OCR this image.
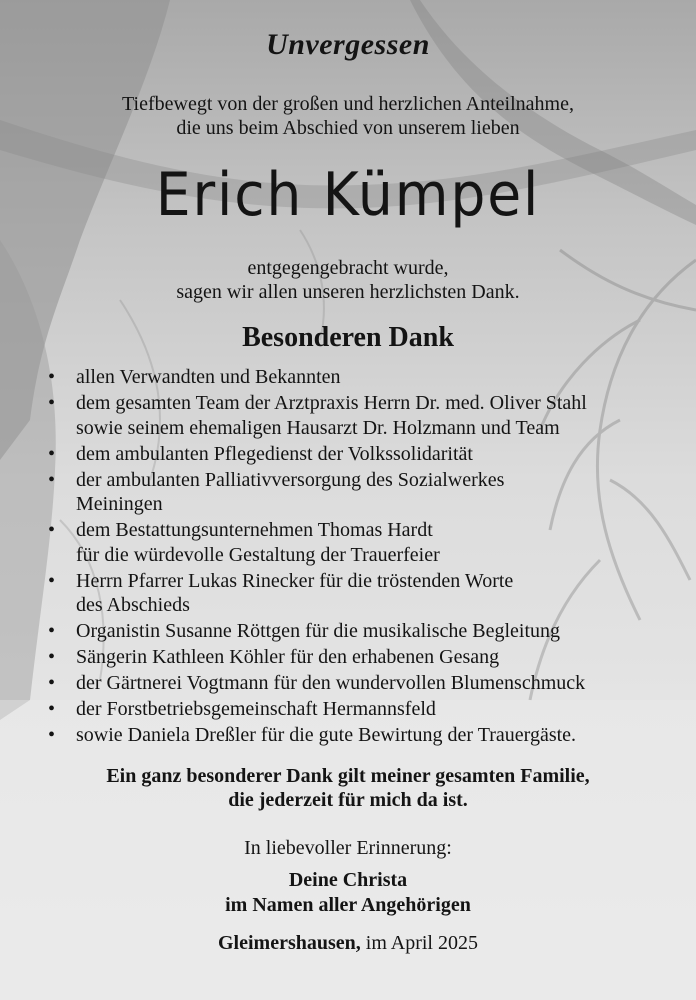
Unvergessen
Tiefbewegt von der großen und herzlichen Anteilnahme,
die uns beim Abschied von unserem lieben
Erich Kümpel
entgegengebracht wurde,
sagen wir allen unseren herzlichsten Dank.
Besonderen Dank
• allen Verwandten und Bekannten
• dem gesamten Team der Arztpraxis Herrn Dr. med. Oliver Stahl
sowie seinem ehemaligen Hausarzt Dr. Holzmann und Team
• dem ambulanten Pflegedienst der Volkssolidarität
• der ambulanten Palliativversorgung des Sozialwerkes
Meiningen
• dem Bestattungsunternehmen Thomas Hardt
für die würdevolle Gestaltung der Trauerfeier
• Herrn Pfarrer Lukas Rinecker für die tröstenden Worte
des Abschieds
• Organistin Susanne Röttgen für die musikalische Begleitung
• Sängerin Kathleen Köhler für den erhabenen Gesang
• der Gärtnerei Vogtmann für den wundervollen Blumenschmuck
• der Forstbetriebsgemeinschaft Hermannsfeld
• sowie Daniela Dreßler für die gute Bewirtung der Trauergäste.
Ein ganz besonderer Dank gilt meiner gesamten Familie,
die jederzeit für mich da ist.
In liebevoller Erinnerung:
Deine Christa
im Namen aller Angehörigen
Gleimershausen, im April 2025
